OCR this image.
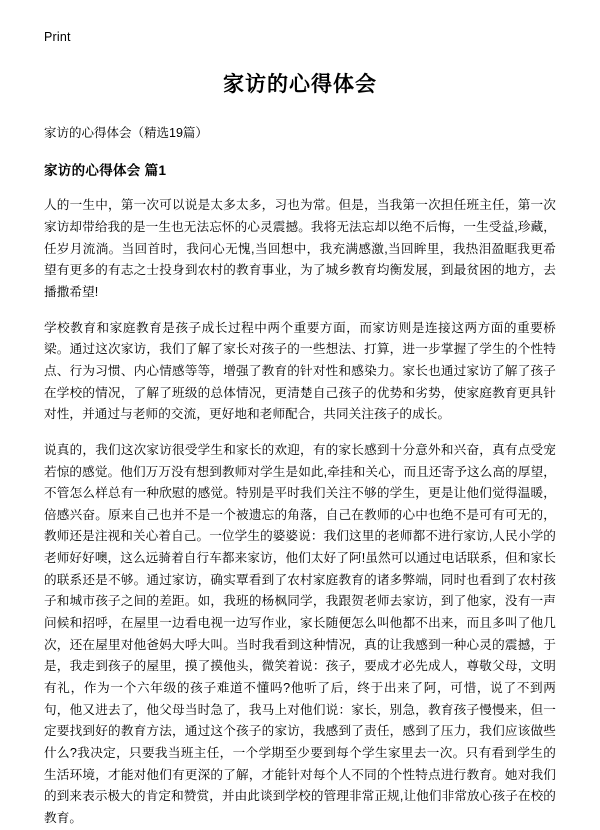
Print
家访的心得体会
家访的心得体会（精选19篇）
家访的心得体会 篇1

人的一生中，第一次可以说是太多太多，习也为常。但是，当我第一次担任班主任，第一次家访却带给我的是一生也无法忘怀的心灵震撼。我将无法忘却以绝不后悔，一生受益,珍藏，任岁月流淌。当回首时，我问心无愧,当回想中，我充满感激,当回眸里，我热泪盈眶我更希望有更多的有志之士投身到农村的教育事业，为了城乡教育均衡发展，到最贫困的地方，去播撒希望!

学校教育和家庭教育是孩子成长过程中两个重要方面，而家访则是连接这两方面的重要桥梁。通过这次家访，我们了解了家长对孩子的一些想法、打算，进一步掌握了学生的个性特点、行为习惯、内心情感等等，增强了教育的针对性和感染力。家长也通过家访了解了孩子在学校的情况，了解了班级的总体情况，更清楚自己孩子的优势和劣势，使家庭教育更具针对性，并通过与老师的交流，更好地和老师配合，共同关注孩子的成长。

说真的，我们这次家访很受学生和家长的欢迎，有的家长感到十分意外和兴奋，真有点受宠若惊的感觉。他们万万没有想到教师对学生是如此,牵挂和关心，而且还寄予这么高的厚望，不管怎么样总有一种欣慰的感觉。特别是平时我们关注不够的学生，更是让他们觉得温暖，倍感兴奋。原来自己也并不是一个被遗忘的角落，自己在教师的心中也绝不是可有可无的，教师还是注视和关心着自己。一位学生的婆婆说：我们这里的老师都不进行家访,人民小学的老师好好噢，这么远骑着自行车都来家访，他们太好了阿!虽然可以通过电话联系，但和家长的联系还是不够。通过家访，确实覃看到了农村家庭教育的诸多弊端，同时也看到了农村孩子和城市孩子之间的差距。如，我班的杨枫同学，我跟贺老师去家访，到了他家，没有一声问候和招呼，在屋里一边看电视一边写作业，家长随便怎么叫他都不出来，而且多叫了他几次，还在屋里对他爸妈大呼大叫。当时我看到这种情况，真的让我感到一种心灵的震撼，于是，我走到孩子的屋里，摸了摸他头，微笑着说：孩子，要成才必先成人，尊敬父母，文明有礼，作为一个六年级的孩子难道不懂吗?他听了后，终于出来了阿，可惜，说了不到两句，他又进去了，他父母当时急了，我马上对他们说：家长，别急，教育孩子慢慢来，但一定要找到好的教育方法，通过这个孩子的家访，我感到了责任，感到了压力，我们应该做些什么?我决定，只要我当班主任，一个学期至少要到每个学生家里去一次。只有看到学生的生活环境，才能对他们有更深的了解，才能针对每个人不同的个性特点进行教育。她对我们的到来表示极大的肯定和赞赏，并由此谈到学校的管理非常正规,让他们非常放心孩子在校的教育。
